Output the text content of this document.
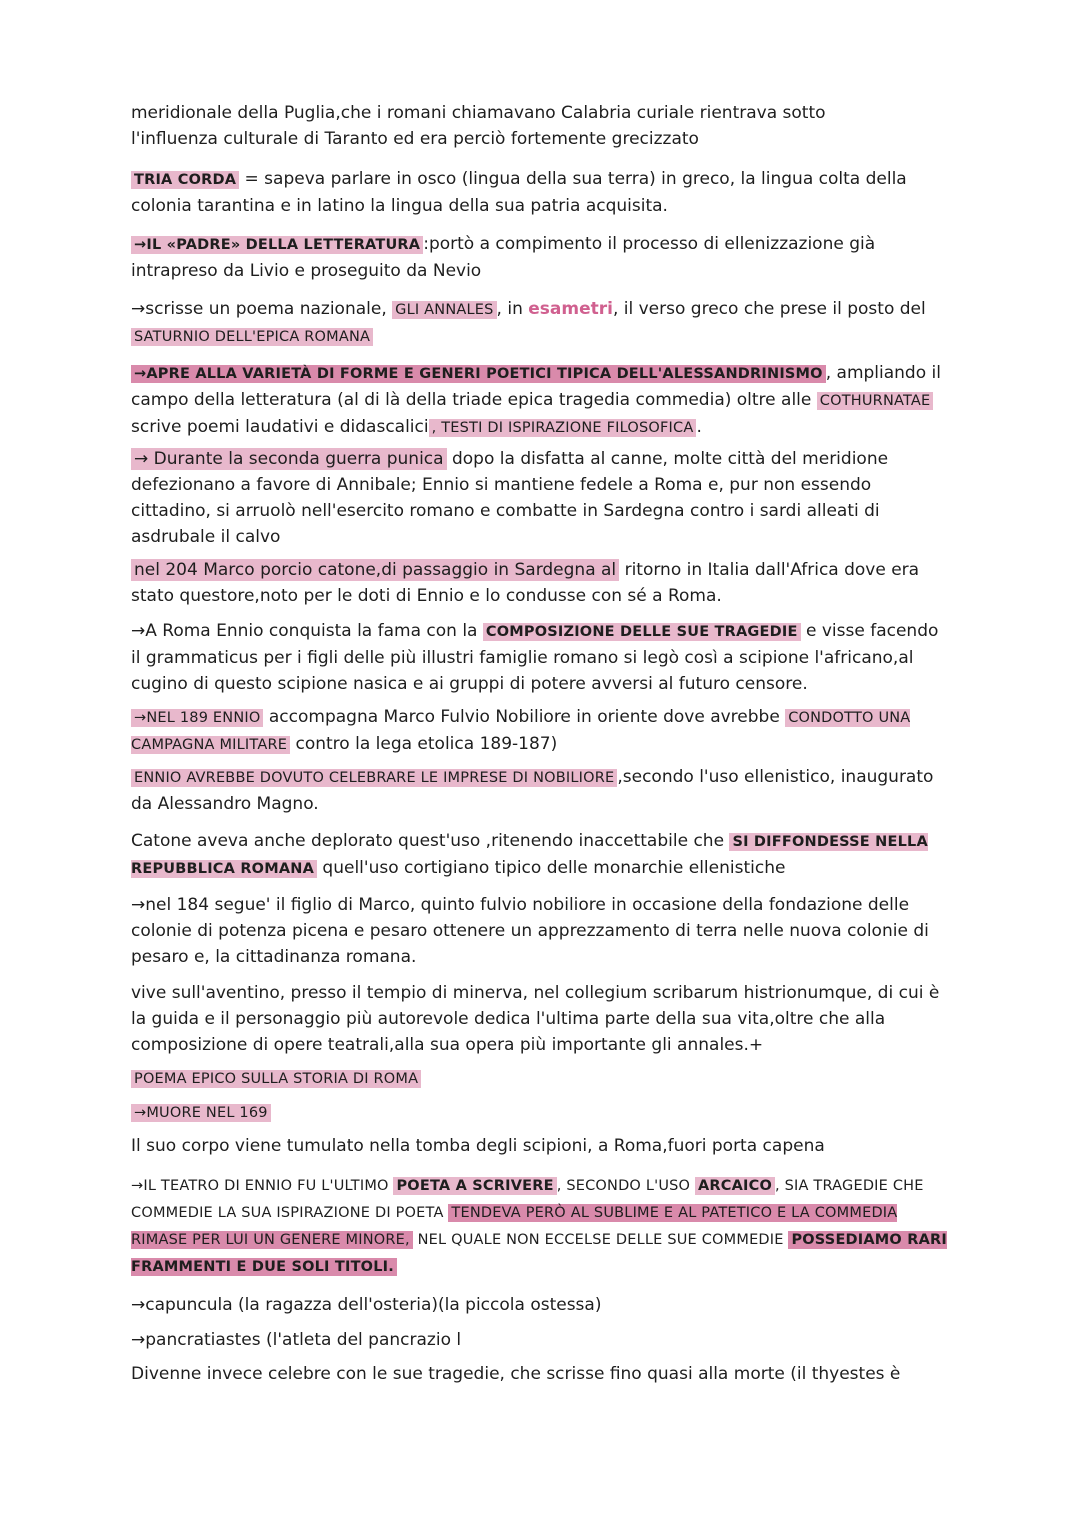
meridionale della Puglia,che i romani chiamavano Calabria curiale rientrava sotto
l'influenza culturale di Taranto ed era perciò fortemente grecizzato

TRIA CORDA = sapeva parlare in osco (lingua della sua terra) in greco, la lingua colta della colonia tarantina e in latino la lingua della sua patria acquisita.

→IL «PADRE» DELLA LETTERATURA :portò a compimento il processo di ellenizzazione già intrapreso da Livio e proseguito da Nevio

→scrisse un poema nazionale, GLI ANNALES , in esametri, il verso greco che prese il posto del SATURNIO DELL'EPICA ROMANA

→APRE ALLA VARIETÀ DI FORME E GENERI POETICI TIPICA DELL'ALESSANDRINISMO , ampliando il campo della letteratura (al di là della triade epica tragedia commedia) oltre alle COTHURNATAE scrive poemi laudativi e didascalici , TESTI DI ISPIRAZIONE FILOSOFICA .

→ Durante la seconda guerra punica dopo la disfatta al canne, molte città del meridione defezionano a favore di Annibale; Ennio si mantiene fedele a Roma e, pur non essendo cittadino, si arruolò nell'esercito romano e combatte in Sardegna contro i sardi alleati di asdrubale il calvo

nel 204 Marco porcio catone,di passaggio in Sardegna al ritorno in Italia dall'Africa dove era stato questore,noto per le doti di Ennio e lo condusse con sé a Roma.

→A Roma Ennio conquista la fama con la COMPOSIZIONE DELLE SUE TRAGEDIE e visse facendo il grammaticus per i figli delle più illustri famiglie romano si legò così a scipione l'africano,al cugino di questo scipione nasica e ai gruppi di potere avversi al futuro censore.

→NEL 189 ENNIO accompagna Marco Fulvio Nobiliore in oriente dove avrebbe CONDOTTO UNA CAMPAGNA MILITARE contro la lega etolica 189-187)

ENNIO AVREBBE DOVUTO CELEBRARE LE IMPRESE DI NOBILIORE ,secondo l'uso ellenistico, inaugurato da Alessandro Magno.

Catone aveva anche deplorato quest'uso ,ritenendo inaccettabile che SI DIFFONDESSE NELLA REPUBBLICA ROMANA quell'uso cortigiano tipico delle monarchie ellenistiche

→nel 184 segue' il figlio di Marco, quinto fulvio nobiliore in occasione della fondazione delle colonie di potenza picena e pesaro ottenere un apprezzamento di terra nelle nuova colonie di pesaro e, la cittadinanza romana.

vive sull'aventino, presso il tempio di minerva, nel collegium scribarum histrionumque, di cui è la guida e il personaggio più autorevole dedica l'ultima parte della sua vita,oltre che alla composizione di opere teatrali,alla sua opera più importante gli annales.+

POEMA EPICO SULLA STORIA DI ROMA

→MUORE NEL 169

Il suo corpo viene tumulato nella tomba degli scipioni, a Roma,fuori porta capena

→IL TEATRO DI ENNIO FU L'ULTIMO POETA A SCRIVERE , SECONDO L'USO ARCAICO , SIA TRAGEDIE CHE COMMEDIE LA SUA ISPIRAZIONE DI POETA TENDEVA PERÒ AL SUBLIME E AL PATETICO E LA COMMEDIA RIMASE PER LUI UN GENERE MINORE, NEL QUALE NON ECCELSE DELLE SUE COMMEDIE POSSEDIAMO RARI FRAMMENTI E DUE SOLI TITOLI.

→capuncula (la ragazza dell'osteria)(la piccola ostessa)

→pancratiastes (l'atleta del pancrazio l

Divenne invece celebre con le sue tragedie, che scrisse fino quasi alla morte (il thyestes è
